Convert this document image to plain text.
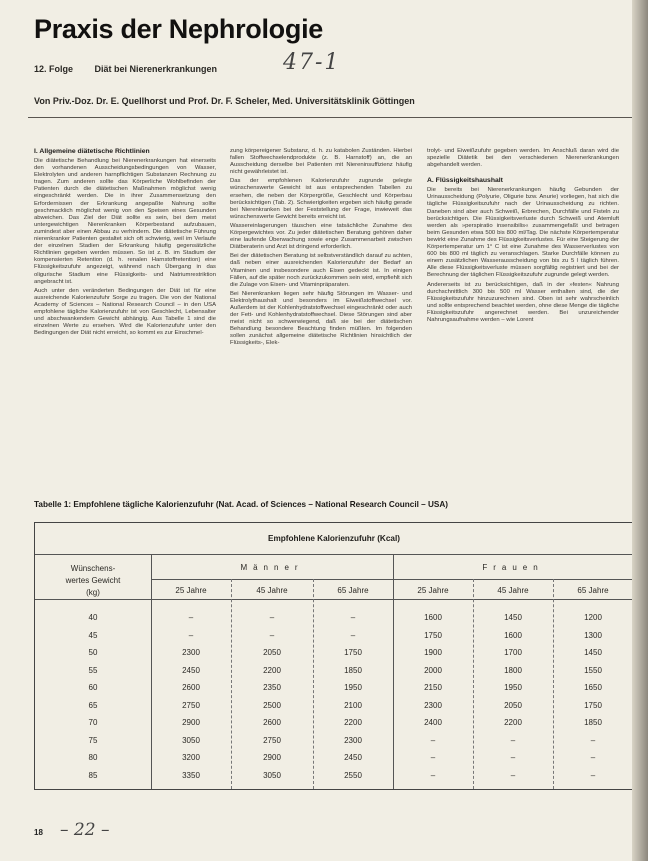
Praxis der Nephrologie
12. Folge Diät bei Nierenerkrankungen	47-1
Von Priv.-Doz. Dr. E. Quellhorst und Prof. Dr. F. Scheler, Med. Universitätsklinik Göttingen
I. Allgemeine diätetische Richtlinien

Die diätetische Behandlung bei Nierenerkrankungen hat einerseits den vorhandenen Ausscheidungsbedingungen von Wasser, Elektrolyten und anderen harnpflichtigen Substanzen Rechnung zu tragen. Zum anderen sollte das Körperliche Wohlbefinden der Patienten durch die diätetischen Maßnahmen möglichst wenig eingeschränkt werden. Die in ihrer Zusammensetzung den Erfordernissen der Erkrankung angepaßte Nahrung sollte geschmacklich möglichst wenig von den Speisen eines Gesunden abweichen. Das Ziel der Diät sollte es sein, bei dem meist untergewichtigen Nierenkranken Körperbestand aufzubauen, zumindest aber einen Abbau zu verhindern. Die diätetische Führung nierenkranker Patienten gestaltet sich oft schwierig, weil im Verlaufe der einzelnen Stadien der Erkrankung häufig gegensätzliche Richtlinien gegeben werden müssen. So ist z. B. im Stadium der kompensierten Retention (d. h. renalen Harnstoffretention) eine Flüssigkeitszufuhr angezeigt, während nach Übergang in das oligurische Stadium eine Flüssigkeits- und Natriumrestriktion angebracht ist.

Auch unter den veränderten Bedingungen der Diät ist für eine ausreichende Kalorienzufuhr Sorge zu tragen. Die von der National Academy of Sciences – National Research Council – in den USA empfohlene tägliche Kalorienzufuhr ist von Geschlecht, Lebensalter und abschwankendem Gewicht abhängig. Aus Tabelle 1 sind die einzelnen Werte zu ersehen. Wird die Kalorienzufuhr unter den Bedingungen der Diät nicht erreicht, so kommt es zur Einschmel-

zung körpereigener Substanz, d. h. zu katabolen Zuständen. Hierbei fallen Stoffwechselendprodukte (z. B. Harnstoff) an, die an Ausscheidung derselbe bei Patienten mit Niereninsuffizienz häufig nicht gewährleistet ist.

Das der empfohlenen Kalorienzufuhr zugrunde gelegte wünschenswerte Gewicht ist aus entsprechenden Tabellen zu ersehen, die neben der Körpergröße, Geschlecht und Körperbau berücksichtigen (Tab. 2). Schwierigkeiten ergeben sich häufig gerade bei Nierenkranken bei der Feststellung der Frage, inwieweit das wünschenswerte Gewicht bereits erreicht ist.

Wassereinlagerungen täuschen eine tatsächliche Zunahme des Körpergewichtes vor. Zu jeder diätetischen Beratung gehören daher eine laufende Überwachung sowie enge Zusammenarbeit zwischen Diätberaterin und Arzt ist dringend erforderlich.

Bei der diätetischen Beratung ist selbstverständlich darauf zu achten, daß neben einer ausreichenden Kalorienzufuhr der Bedarf an Vitaminen und insbesondere auch Eisen gedeckt ist. In einigen Fällen, auf die später noch zurückzukommen sein wird, empfiehlt sich die Zulage von Eisen- und Vitaminpräparaten.

Bei Nierenkranken liegen sehr häufig Störungen im Wasser- und Elektrolythaushalt und besonders im Eiweißstoffwechsel vor. Außerdem ist der Kohlenhydratstoffwechsel eingeschränkt oder auch der Fett- und Kohlenhydratstoffwechsel. Diese Störungen sind aber meist nicht so schwerwiegend, daß sie bei der diätetischen Behandlung besondere Beachtung finden müßten. Im folgenden sollen zunächst allgemeine diätetische Richtlinien hinsichtlich der Flüssigkeits-, Elek-

trolyt- und Eiweißzufuhr gegeben werden. Im Anschluß daran wird die spezielle Diätetik bei den verschiedenen Nierenerkrankungen abgehandelt werden.

A. Flüssigkeitshaushalt

Die bereits bei Nierenerkrankungen häufig Gebunden der Urinausscheidung (Polyurie, Oligurie bzw. Anurie) vorliegen, hat sich die tägliche Flüssigkeitszufuhr nach der Urinausscheidung zu richten. Daneben sind aber auch Schweiß, Erbrechen, Durchfälle und Fisteln zu berücksichtigen. Die Flüssigkeitsverluste durch Schweiß und Atemluft werden als »perspiratio insensibilis« zusammengefaßt und betragen beim Gesunden etwa 500 bis 800 ml/Tag. Die nächste Körpertemperatur bewirkt eine Zunahme des Flüssigkeitsverlustes. Für eine Steigerung der Körpertemperatur um 1° C ist eine Zunahme des Wasserverlustes von 600 bis 800 ml täglich zu veranschlagen. Starke Durchfälle können zu einem zusätzlichen Wasserausscheidung von bis zu 5 l täglich führen. Alle diese Flüssigkeitsverluste müssen sorgfältig registriert und bei der Berechnung der täglichen Flüssigkeitszufuhr zugrunde gelegt werden.

Andererseits ist zu berücksichtigen, daß in der »festen« Nahrung durchschnittlich 300 bis 500 ml Wasser enthalten sind, die der Flüssigkeitszufuhr hinzuzurechnen sind. Oben ist sehr wahrscheinlich und sollte entsprechend beachtet werden, ohne diese Menge die tägliche Flüssigkeitszufuhr angerechnet werden. Bei unzureichender Nahrungsaufnahme werden – wie Lorent

Tabelle 1: Empfohlene tägliche Kalorienzufuhr (Nat. Acad. of Sciences – National Research Council – USA)
Empfohlene Kalorienzufuhr (Kcal)
Wünschens-
wertes Gewicht
(kg)
Männer	Frauen
25 Jahre	45 Jahre	65 Jahre	25 Jahre	45 Jahre	65 Jahre
40	–	–	–	1600	1450	1200
45	–	–	–	1750	1600	1300
50	2300	2050	1750	1900	1700	1450
55	2450	2200	1850	2000	1800	1550
60	2600	2350	1950	2150	1950	1650
65	2750	2500	2100	2300	2050	1750
70	2900	2600	2200	2400	2200	1850
75	3050	2750	2300	–	–	–
80	3200	2900	2450	–	–	–
85	3350	3050	2550	–	–	–
18 – 22 –
